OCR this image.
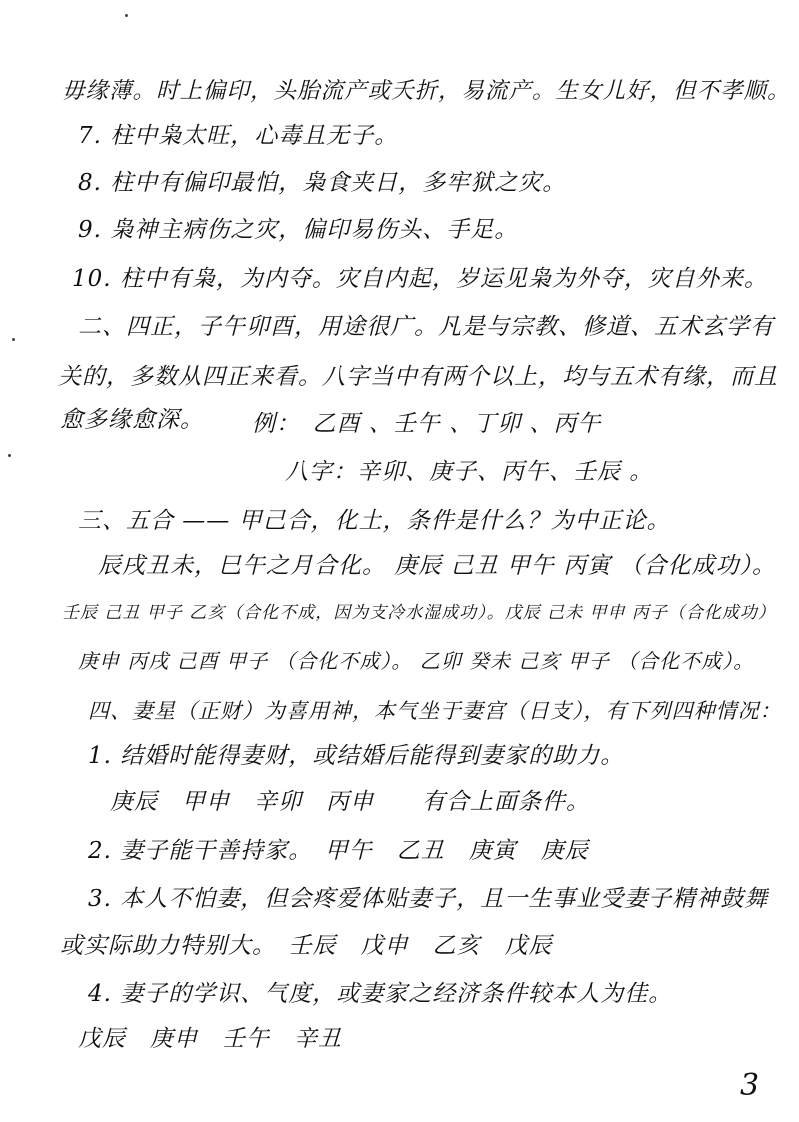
毋缘薄。时上偏印，头胎流产或夭折，易流产。生女儿好，但不孝顺。
7. 柱中枭太旺，心毒且无子。
8. 柱中有偏印最怕，枭食夹日，多牢狱之灾。
9. 枭神主病伤之灾，偏印易伤头、手足。
10. 柱中有枭，为内夺。灾自内起，岁运见枭为外夺，灾自外来。
二、四正，子午卯酉，用途很广。凡是与宗教、修道、五术玄学有
关的，多数从四正来看。八字当中有两个以上，均与五术有缘，而且
愈多缘愈深。 例：　乙酉 、壬午 、丁卯 、丙午
八字：辛卯、庚子、丙午、壬辰 。
三、五合 —— 甲己合，化土，条件是什么？为中正论。
辰戌丑未，巳午之月合化。 庚辰 己丑 甲午 丙寅 （合化成功）。
壬辰 己丑 甲子 乙亥（合化不成，因为支冷水湿成功）。戊辰 己未 甲申 丙子（合化成功）
庚申 丙戌 己酉 甲子 （合化不成）。 乙卯 癸未 己亥 甲子 （合化不成）。
四、妻星（正财）为喜用神，本气坐于妻宫（日支），有下列四种情况：
1. 结婚时能得妻财，或结婚后能得到妻家的助力。
庚辰　甲申　辛卯　丙申　　有合上面条件。
2. 妻子能干善持家。　甲午　乙丑　庚寅　庚辰
3. 本人不怕妻，但会疼爱体贴妻子，且一生事业受妻子精神鼓舞
或实际助力特别大。　壬辰　戊申　乙亥　戊辰
4. 妻子的学识、气度，或妻家之经济条件较本人为佳。
戊辰　庚申　壬午　辛丑
3
